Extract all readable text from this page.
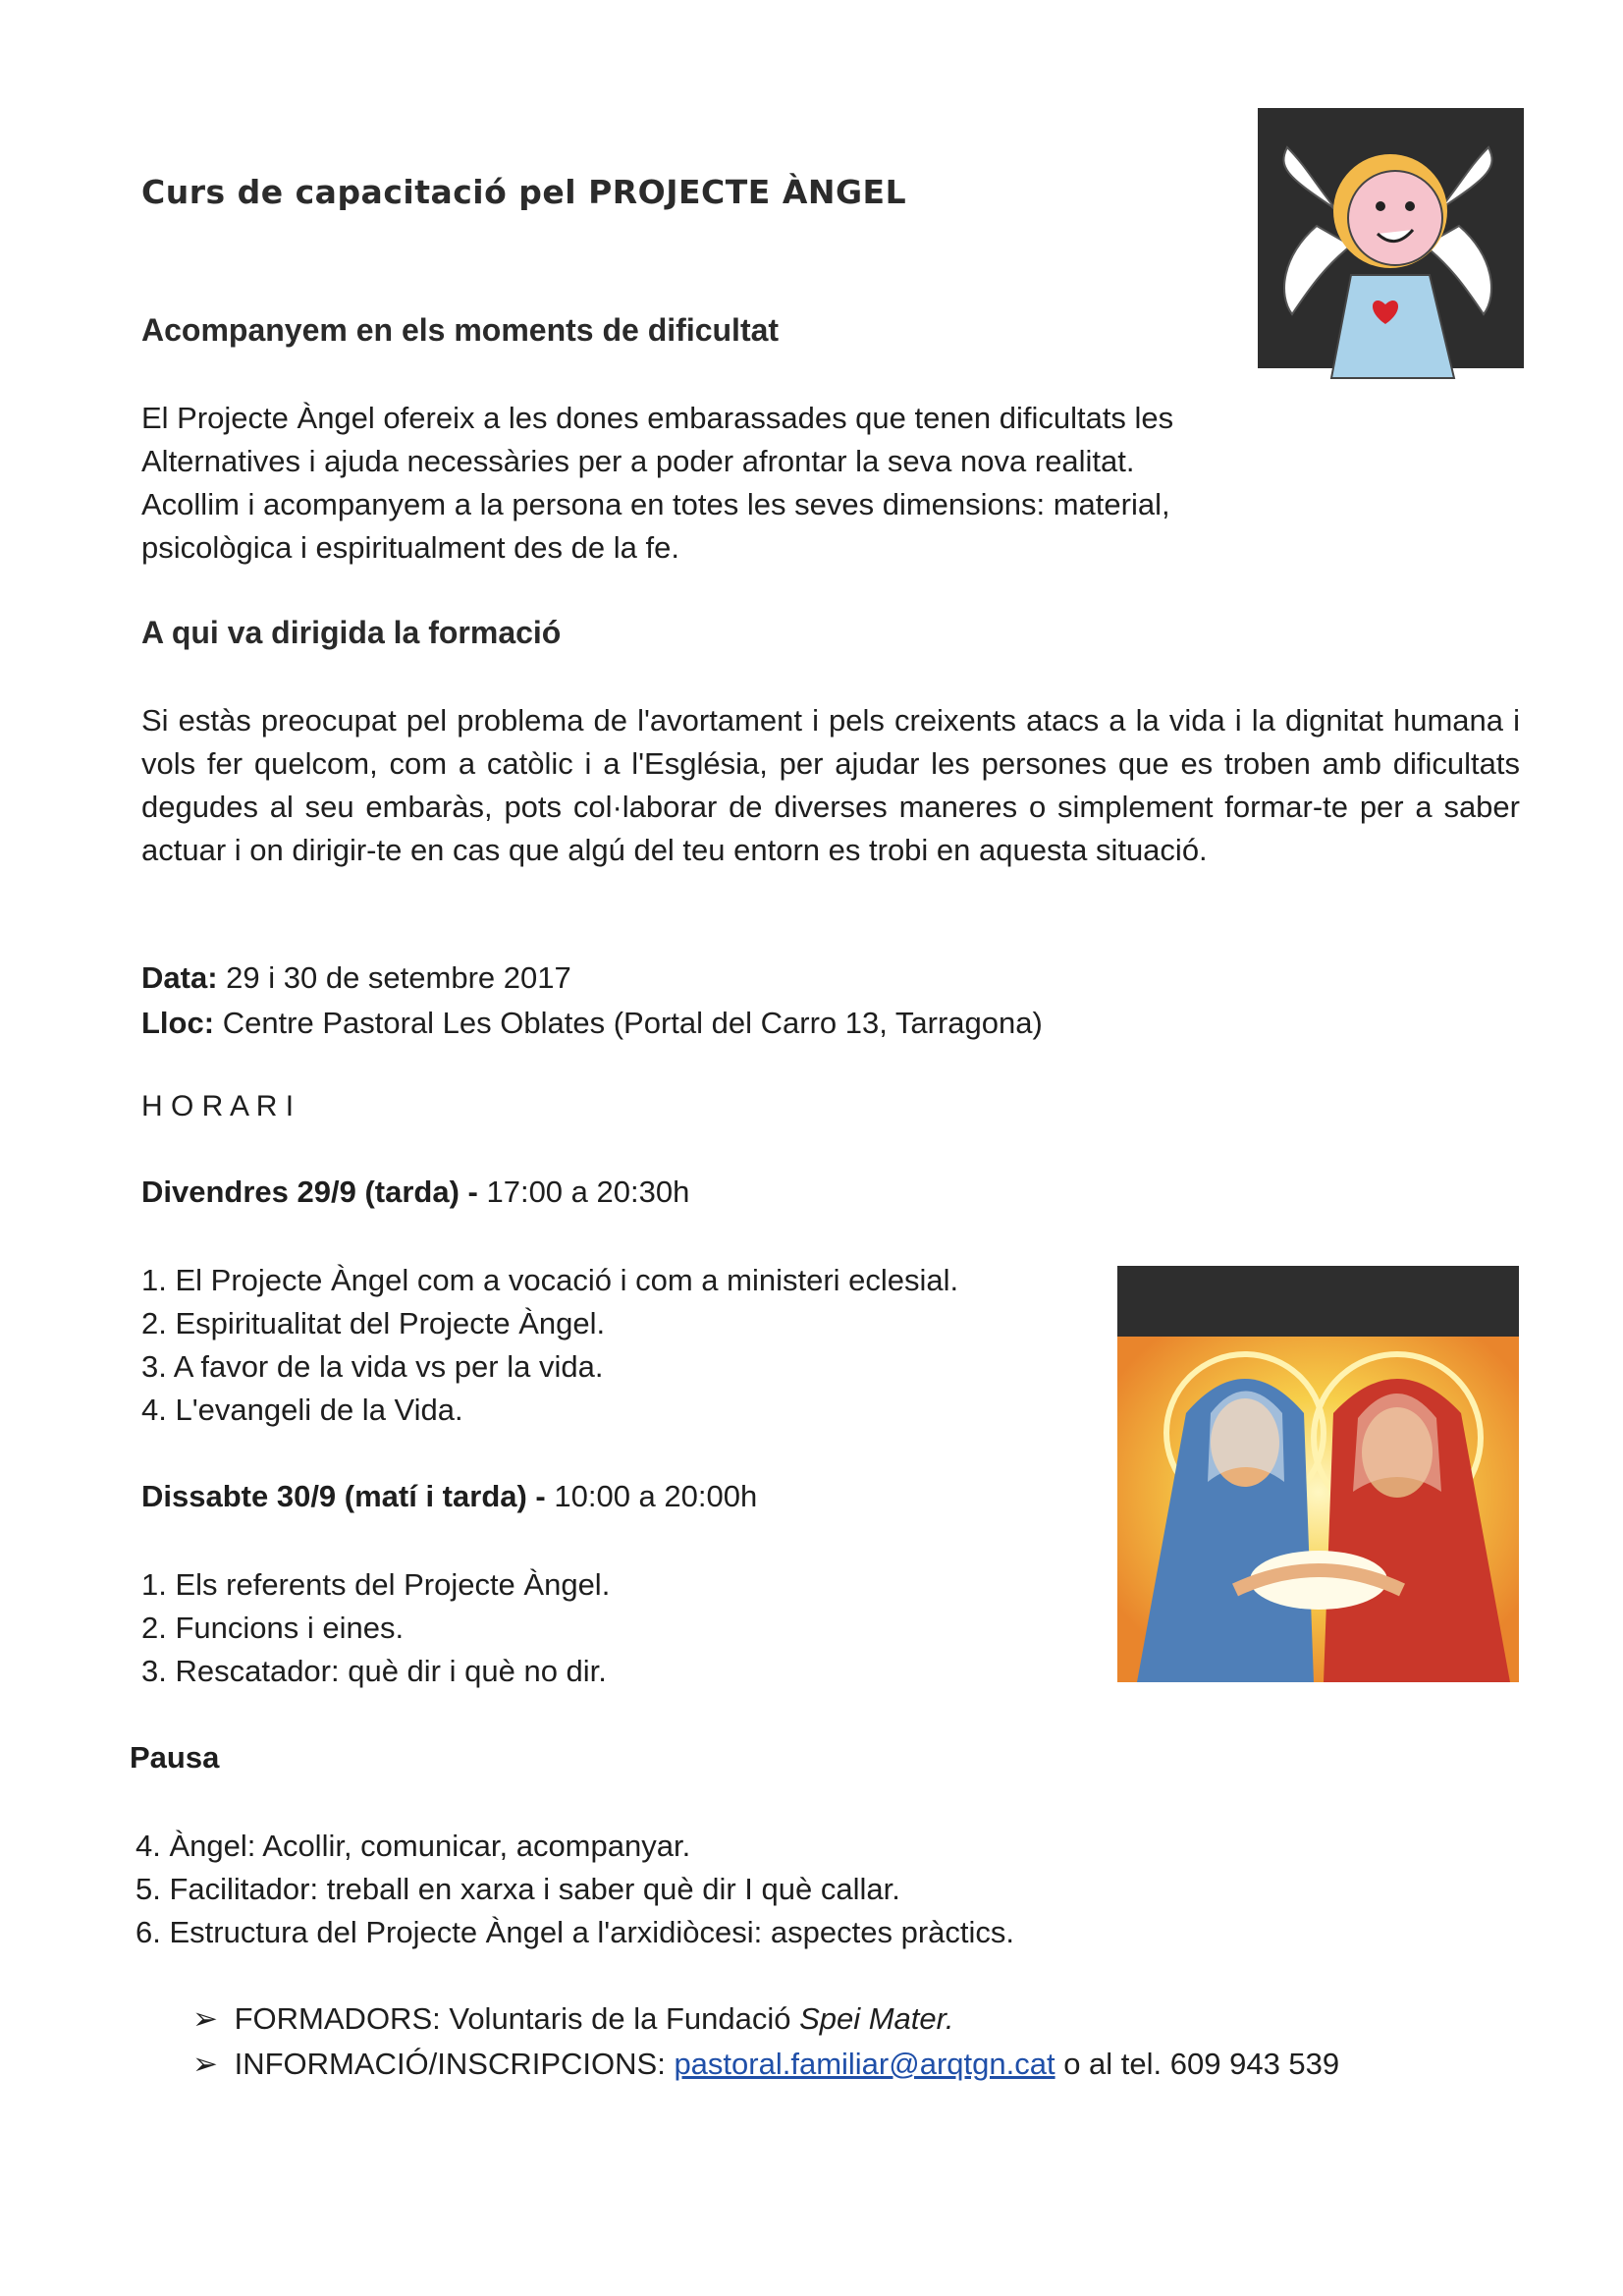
Curs de capacitació pel PROJECTE ÀNGEL
Acompanyem en els moments de dificultat
El Projecte Àngel ofereix a les dones embarassades que tenen dificultats les
Alternatives i ajuda necessàries per a poder afrontar la seva nova realitat.
Acollim i acompanyem a la persona en totes les seves dimensions: material,
psicològica i espiritualment des de la fe.
A qui va dirigida la formació
Si estàs preocupat pel problema de l'avortament i pels creixents atacs a la vida i la dignitat humana i vols fer quelcom, com a catòlic i a l'Església, per ajudar les persones que es troben amb dificultats degudes al seu embaràs, pots col·laborar de diverses maneres o simplement formar-te per a saber actuar i on dirigir-te en cas que algú del teu entorn es trobi en aquesta situació.
Data: 29 i 30 de setembre 2017
Lloc: Centre Pastoral Les Oblates (Portal del Carro 13, Tarragona)
H O R A R I
Divendres 29/9 (tarda) - 17:00 a 20:30h
1. El Projecte Àngel com a vocació i com a ministeri eclesial.
2. Espiritualitat del Projecte Àngel.
3. A favor de la vida vs per la vida.
4. L'evangeli de la Vida.
Dissabte 30/9 (matí i tarda) - 10:00 a 20:00h
1. Els referents del Projecte Àngel.
2. Funcions i eines.
3. Rescatador: què dir i què no dir.
Pausa
4. Àngel: Acollir, comunicar, acompanyar.
5. Facilitador: treball en xarxa i saber què dir I què callar.
6. Estructura del Projecte Àngel a l'arxidiòcesi: aspectes pràctics.
➢ FORMADORS: Voluntaris de la Fundació Spei Mater.
➢ INFORMACIÓ/INSCRIPCIONS: pastoral.familiar@arqtgn.cat o al tel. 609 943 539
